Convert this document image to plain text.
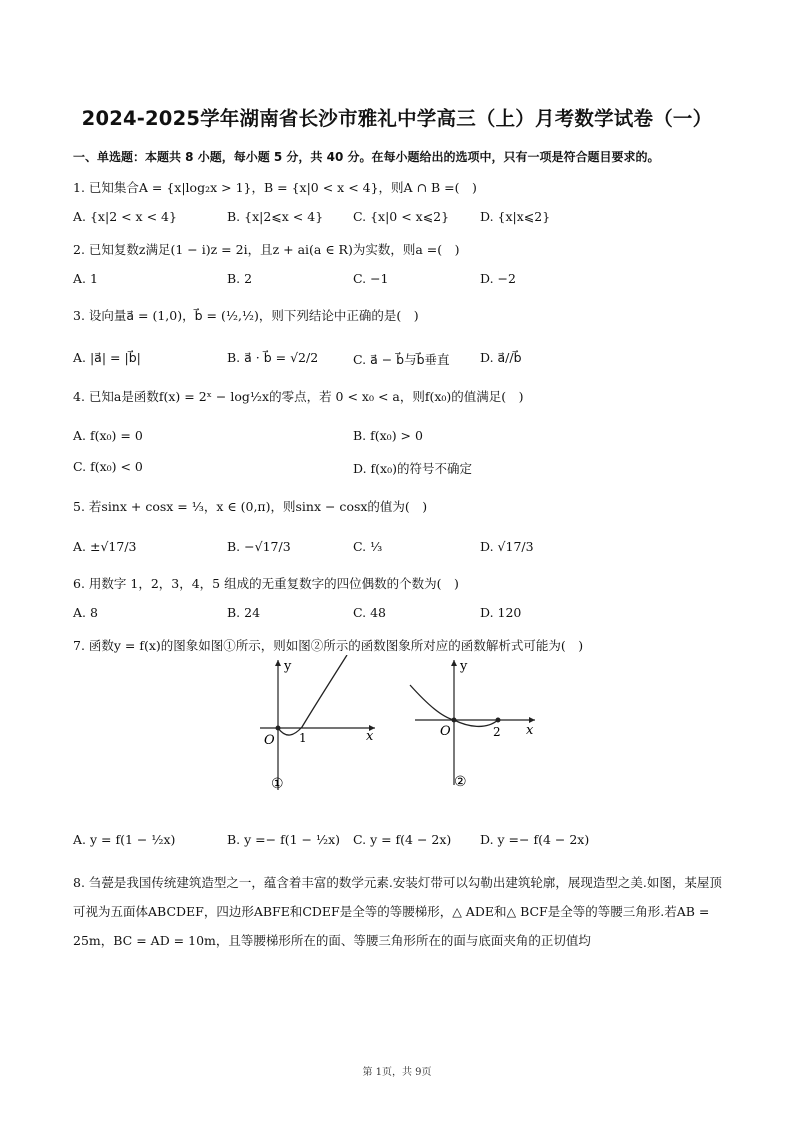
2024-2025学年湖南省长沙市雅礼中学高三（上）月考数学试卷（一）
一、单选题：本题共 8 小题，每小题 5 分，共 40 分。在每小题给出的选项中，只有一项是符合题目要求的。
1. 已知集合A = {x|log₂x > 1}，B = {x|0 < x < 4}，则A ∩ B =(　)
A. {x|2 < x < 4}	B. {x|2⩽x < 4} C. {x|0 < x⩽2} D. {x|x⩽2}
2. 已知复数z满足(1 − i)z = 2i，且z + ai(a ∈ R)为实数，则a =(　)
A. 1	B. 2	C. −1	D. −2
3. 设向量a⃗ = (1,0)，b⃗ = (½,½)，则下列结论中正确的是(　)
A. |a⃗| = |b⃗|	B. a⃗ · b⃗ = √2/2	C. a⃗ − b⃗与b⃗垂直 D. a⃗//b⃗
4. 已知a是函数f(x) = 2ˣ − log½x的零点，若 0 < x₀ < a，则f(x₀)的值满足(　)
A. f(x₀) = 0	B. f(x₀) > 0
C. f(x₀) < 0	D. f(x₀)的符号不确定
5. 若sinx + cosx = ⅓，x ∈ (0,π)，则sinx − cosx的值为(　)
A. ±√17/3	B. −√17/3	C. ⅓	D. √17/3
6. 用数字 1，2，3，4，5 组成的无重复数字的四位偶数的个数为(　)
A. 8	B. 24	C. 48	D. 120
7. 函数y = f(x)的图象如图①所示，则如图②所示的函数图象所对应的函数解析式可能为(　)
y
x
O 1
①
y
x
O	2
②
A. y = f(1 − ½x)	B. y =− f(1 − ½x) C. y = f(4 − 2x) D. y =− f(4 − 2x)
8. 刍甍是我国传统建筑造型之一，蕴含着丰富的数学元素.安装灯带可以勾勒出建筑轮廓，展现造型之美.如图，某屋顶可视为五面体ABCDEF，四边形ABFE和CDEF是全等的等腰梯形，△ ADE和△ BCF是全等的等腰三角形.若AB = 25m，BC = AD = 10m，且等腰梯形所在的面、等腰三角形所在的面与底面夹角的正切值均
第 1页，共 9页
